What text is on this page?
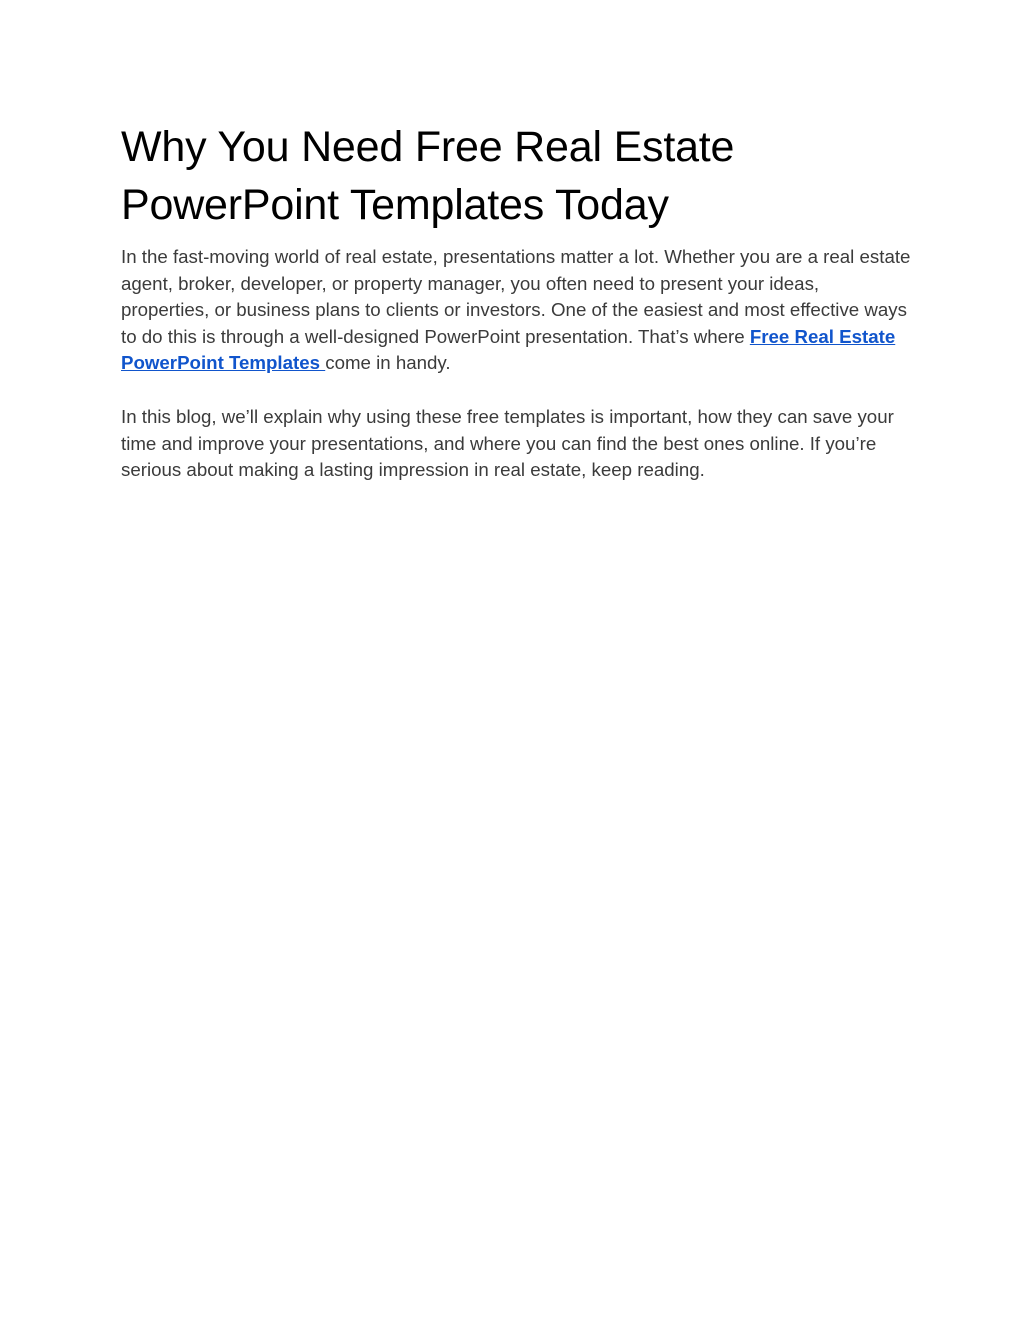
Why You Need Free Real Estate PowerPoint Templates Today

In the fast-moving world of real estate, presentations matter a lot. Whether you are a real estate agent, broker, developer, or property manager, you often need to present your ideas, properties, or business plans to clients or investors. One of the easiest and most effective ways to do this is through a well-designed PowerPoint presentation. That’s where Free Real Estate PowerPoint Templates come in handy.

In this blog, we’ll explain why using these free templates is important, how they can save your time and improve your presentations, and where you can find the best ones online. If you’re serious about making a lasting impression in real estate, keep reading.
